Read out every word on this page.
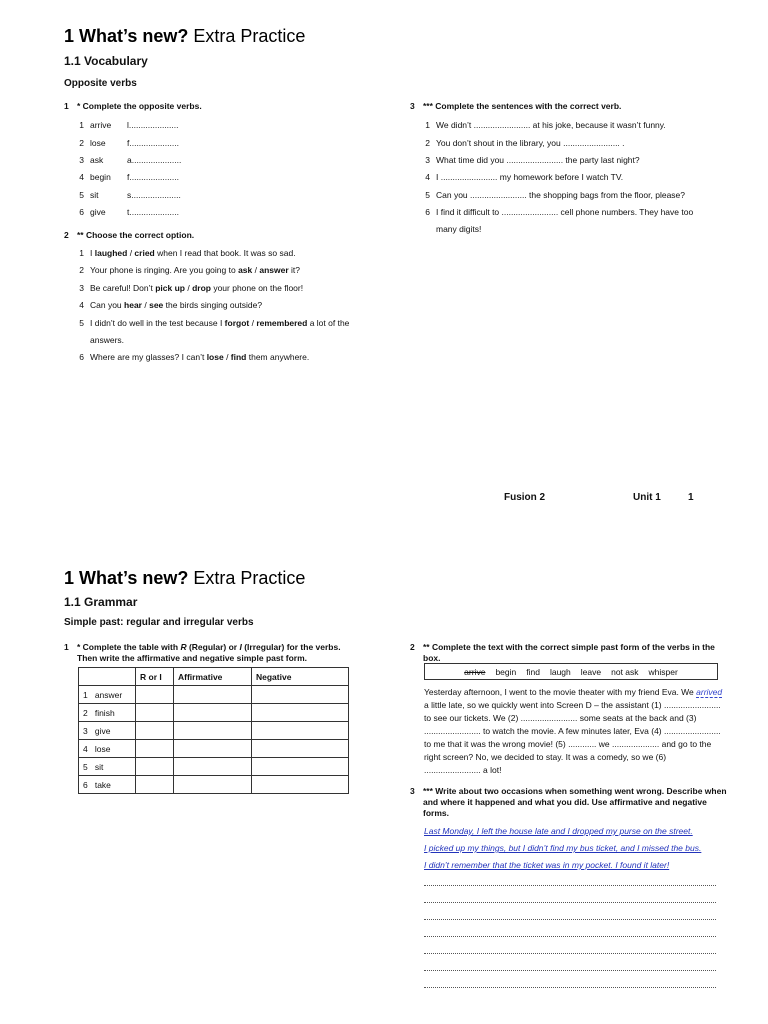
1 What’s new? Extra Practice
1.1 Vocabulary
Opposite verbs
1 * Complete the opposite verbs.
1 arrive l.....................
2 lose	f.....................
3 ask	a.....................
4 begin f.....................
5 sit	s.....................
6 give	t.....................
2 ** Choose the correct option.
1 I laughed / cried when I read that book. It was so sad.
2 Your phone is ringing. Are you going to ask / answer it?
3 Be careful! Don’t pick up / drop your phone on the floor!
4 Can you hear / see the birds singing outside?
5 I didn’t do well in the test because I forgot / remembered a lot of the
answers.
6 Where are my glasses? I can’t lose / find them anywhere.
3 *** Complete the sentences with the correct verb.
1 We didn’t ........................ at his joke, because it wasn’t funny.
2 You don’t shout in the library, you ........................ .
3 What time did you ........................ the party last night?
4 I ........................ my homework before I watch TV.
5 Can you ........................ the shopping bags from the floor, please?
6 I find it difficult to ........................ cell phone numbers. They have too
many digits!
Fusion 2	Unit 1	1
1 What’s new? Extra Practice
1.1 Grammar
Simple past: regular and irregular verbs
1 * Complete the table with R (Regular) or I (Irregular) for the verbs.
Then write the affirmative and negative simple past form.
	R or I	Affirmative	Negative
1 answer			
2 finish			
3 give			
4 lose			
5 sit			
6 take			
2 ** Complete the text with the correct simple past form of the verbs in the box.
arrive begin find laugh leave not ask whisper
Yesterday afternoon, I went to the movie theater with my friend Eva. We arrived a little late, so we quickly went into Screen D – the assistant (1) ........................ to see our tickets. We (2) ........................ some seats at the back and (3) ........................ to watch the movie. A few minutes later, Eva (4) ........................ to me that it was the wrong movie! (5) ............ we .................... and go to the right screen? No, we decided to stay. It was a comedy, so we (6) ........................ a lot!
3 *** Write about two occasions when something went wrong. Describe when and where it happened and what you did. Use affirmative and negative forms.
Last Monday, I left the house late and I dropped my purse on the street.
I picked up my things, but I didn’t find my bus ticket, and I missed the bus.
I didn’t remember that the ticket was in my pocket. I found it later!
